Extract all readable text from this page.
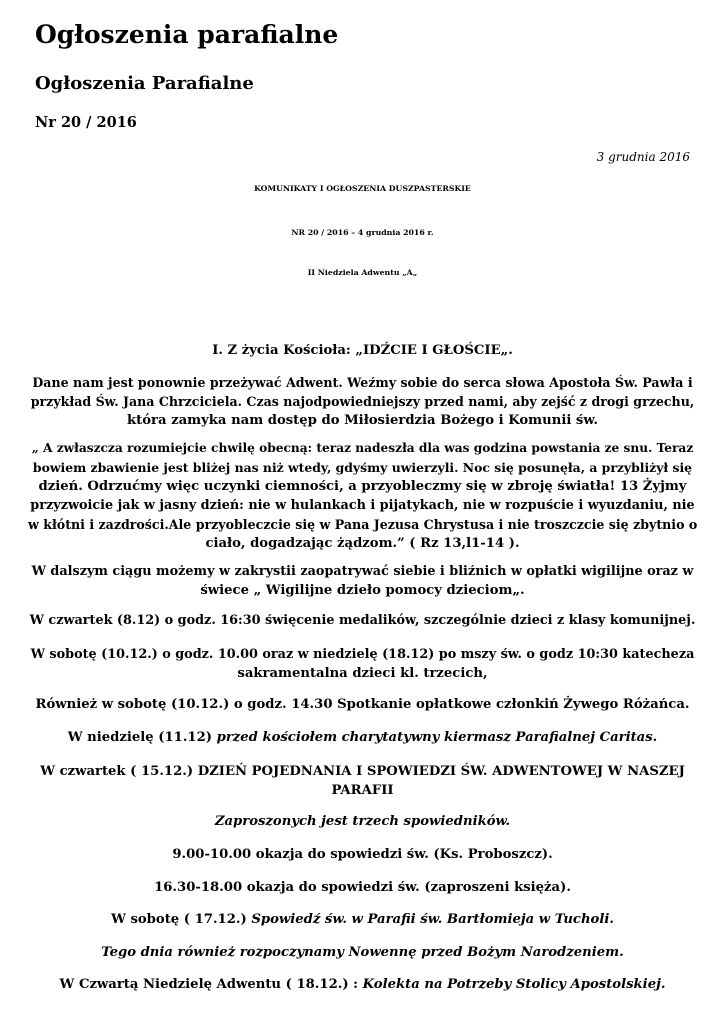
Ogłoszenia parafialne
Ogłoszenia Parafialne
Nr 20 / 2016
3 grudnia 2016
KOMUNIKATY I OGŁOSZENIA DUSZPASTERSKIE
NR 20 / 2016 – 4 grudnia 2016 r.
II Niedziela Adwentu „A„
I. Z życia Kościoła: „IDŹCIE I GŁOŚCIE„.
Dane nam jest ponownie przeżywać Adwent. Weźmy sobie do serca słowa Apostoła Św. Pawła i
przykład Św. Jana Chrzciciela. Czas najodpowiedniejszy przed nami, aby zejść z drogi grzechu,
która zamyka nam dostęp do Miłosierdzia Bożego i Komunii św.
„ A zwłaszcza rozumiejcie chwilę obecną: teraz nadeszła dla was godzina powstania ze snu. Teraz
bowiem zbawienie jest bliżej nas niż wtedy, gdyśmy uwierzyli. Noc się posunęła, a przybliżył się
dzień. Odrzućmy więc uczynki ciemności, a przyobleczmy się w zbroję światła! 13 Żyjmy
przyzwoicie jak w jasny dzień: nie w hulankach i pijatykach, nie w rozpuście i wyuzdaniu, nie
w kłótni i zazdrości.Ale przyobleczcie się w Pana Jezusa Chrystusa i nie troszczcie się zbytnio o
ciało, dogadzając żądzom.” ( Rz 13,l1-14 ).
W dalszym ciągu możemy w zakrystii zaopatrywać siebie i bliźnich w opłatki wigilijne oraz w
świece „ Wigilijne dzieło pomocy dzieciom„.
W czwartek (8.12) o godz. 16:30 święcenie medalików, szczególnie dzieci z klasy komunijnej.
W sobotę (10.12.) o godz. 10.00 oraz w niedzielę (18.12) po mszy św. o godz 10:30 katecheza
sakramentalna dzieci kl. trzecich,
Również w sobotę (10.12.) o godz. 14.30 Spotkanie opłatkowe członkiń Żywego Różańca.
W niedzielę (11.12) przed kościołem charytatywny kiermasz Parafialnej Caritas.
W czwartek ( 15.12.) DZIEŃ POJEDNANIA I SPOWIEDZI ŚW. ADWENTOWEJ W NASZEJ
PARAFII
Zaproszonych jest trzech spowiedników.
9.00-10.00 okazja do spowiedzi św. (Ks. Proboszcz).
16.30-18.00 okazja do spowiedzi św. (zaproszeni księża).
W sobotę ( 17.12.) Spowiedź św. w Parafii św. Bartłomieja w Tucholi.
Tego dnia również rozpoczynamy Nowennę przed Bożym Narodzeniem.
W Czwartą Niedzielę Adwentu ( 18.12.) : Kolekta na Potrzeby Stolicy Apostolskiej.
